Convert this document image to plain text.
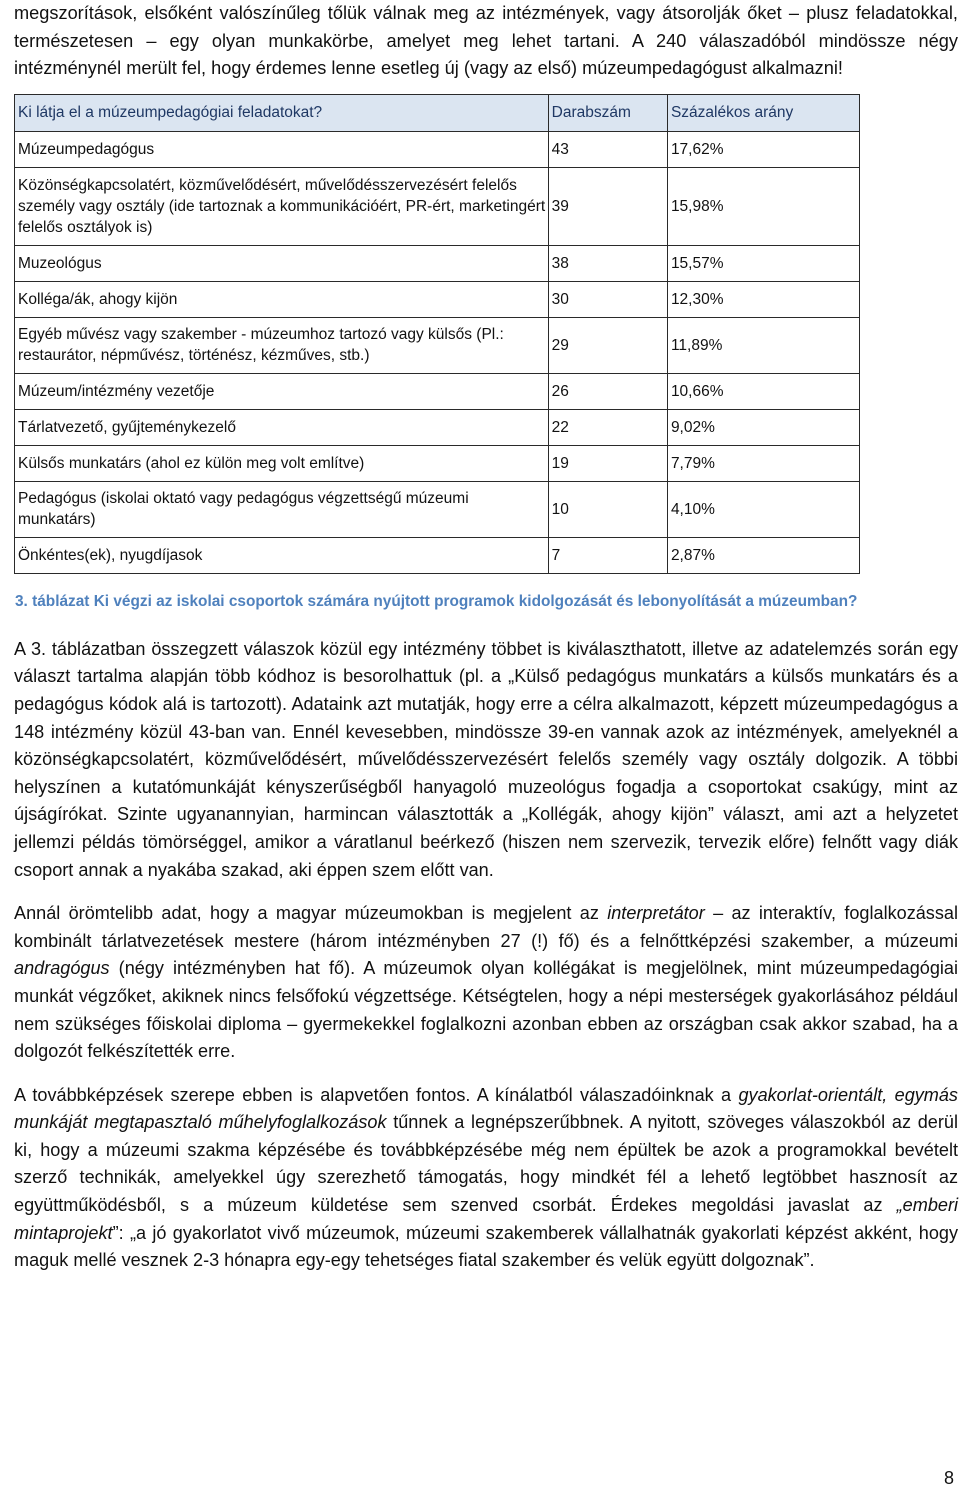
megszorítások, elsőként valószínűleg tőlük válnak meg az intézmények, vagy átsorolják őket – plusz feladatokkal, természetesen – egy olyan munkakörbe, amelyet meg lehet tartani. A 240 válaszadóból mindössze négy intézménynél merült fel, hogy érdemes lenne esetleg új (vagy az első) múzeumpedagógust alkalmazni!

Ki látja el a múzeumpedagógiai feladatokat?	Darabszám	Százalékos arány
Múzeumpedagógus	43	17,62%
Közönségkapcsolatért, közművelődésért, művelődésszervezésért felelős személy vagy osztály (ide tartoznak a kommunikációért, PR-ért, marketingért felelős osztályok is)	39	15,98%
Muzeológus	38	15,57%
Kolléga/ák, ahogy kijön	30	12,30%
Egyéb művész vagy szakember - múzeumhoz tartozó vagy külsős (Pl.: restaurátor, népművész, történész, kézműves, stb.)	29	11,89%
Múzeum/intézmény vezetője	26	10,66%
Tárlatvezető, gyűjteménykezelő	22	9,02%
Külsős munkatárs (ahol ez külön meg volt említve)	19	7,79%
Pedagógus (iskolai oktató vagy pedagógus végzettségű múzeumi munkatárs)	10	4,10%
Önkéntes(ek), nyugdíjasok	7	2,87%
3. táblázat Ki végzi az iskolai csoportok számára nyújtott programok kidolgozását és lebonyolítását a múzeumban?

A 3. táblázatban összegzett válaszok közül egy intézmény többet is kiválaszthatott, illetve az adatelemzés során egy választ tartalma alapján több kódhoz is besorolhattuk (pl. a „Külső pedagógus munkatárs a külsős munkatárs és a pedagógus kódok alá is tartozott). Adataink azt mutatják, hogy erre a célra alkalmazott, képzett múzeumpedagógus a 148 intézmény közül 43-ban van. Ennél kevesebben, mindössze 39-en vannak azok az intézmények, amelyeknél a közönségkapcsolatért, közművelődésért, művelődésszervezésért felelős személy vagy osztály dolgozik. A többi helyszínen a kutatómunkáját kényszerűségből hanyagoló muzeológus fogadja a csoportokat csakúgy, mint az újságírókat. Szinte ugyanannyian, harmincan választották a „Kollégák, ahogy kijön” választ, ami azt a helyzetet jellemzi példás tömörséggel, amikor a váratlanul beérkező (hiszen nem szervezik, tervezik előre) felnőtt vagy diák csoport annak a nyakába szakad, aki éppen szem előtt van.

Annál örömtelibb adat, hogy a magyar múzeumokban is megjelent az interpretátor – az interaktív, foglalkozással kombinált tárlatvezetések mestere (három intézményben 27 (!) fő) és a felnőttképzési szakember, a múzeumi andragógus (négy intézményben hat fő). A múzeumok olyan kollégákat is megjelölnek, mint múzeumpedagógiai munkát végzőket, akiknek nincs felsőfokú végzettsége. Kétségtelen, hogy a népi mesterségek gyakorlásához például nem szükséges főiskolai diploma – gyermekekkel foglalkozni azonban ebben az országban csak akkor szabad, ha a dolgozót felkészítették erre.

A továbbképzések szerepe ebben is alapvetően fontos. A kínálatból válaszadóinknak a gyakorlat-orientált, egymás munkáját megtapasztaló műhelyfoglalkozások tűnnek a legnépszerűbbnek. A nyitott, szöveges válaszokból az derül ki, hogy a múzeumi szakma képzésébe és továbbképzésébe még nem épültek be azok a programokkal bevételt szerző technikák, amelyekkel úgy szerezhető támogatás, hogy mindkét fél a lehető legtöbbet hasznosít az együttműködésből, s a múzeum küldetése sem szenved csorbát. Érdekes megoldási javaslat az „emberi mintaprojekt”: „a jó gyakorlatot vivő múzeumok, múzeumi szakemberek vállalhatnák gyakorlati képzést akként, hogy maguk mellé vesznek 2-3 hónapra egy-egy tehetséges fiatal szakember és velük együtt dolgoznak”.

8
